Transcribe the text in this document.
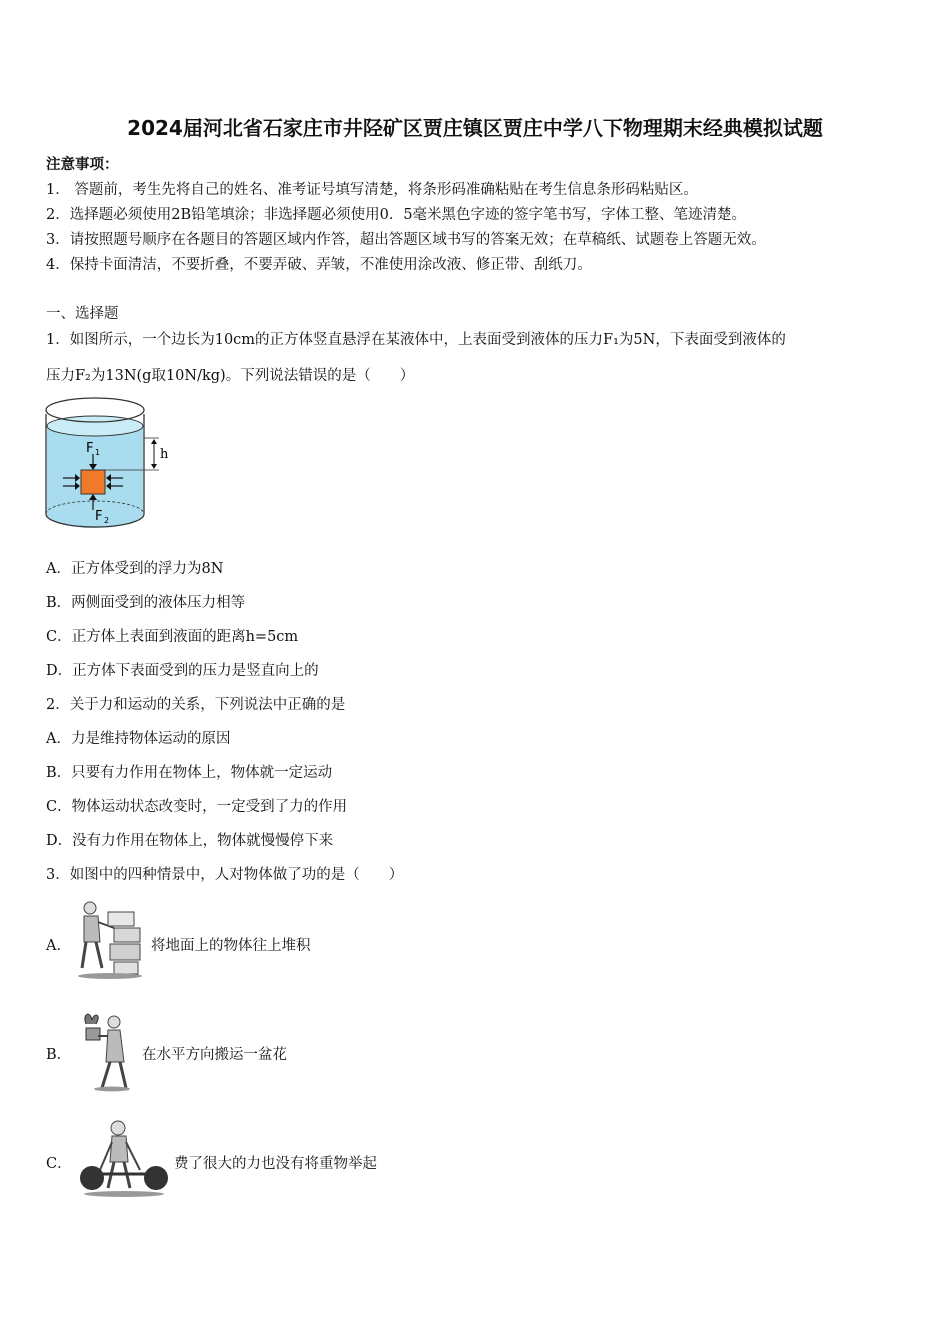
2024届河北省石家庄市井陉矿区贾庄镇区贾庄中学八下物理期末经典模拟试题
注意事项：
1． 答题前，考生先将自己的姓名、准考证号填写清楚，将条形码准确粘贴在考生信息条形码粘贴区。
2．选择题必须使用2B铅笔填涂；非选择题必须使用0．5毫米黑色字迹的签字笔书写，字体工整、笔迹清楚。
3．请按照题号顺序在各题目的答题区域内作答，超出答题区域书写的答案无效；在草稿纸、试题卷上答题无效。
4．保持卡面清洁，不要折叠，不要弄破、弄皱，不准使用涂改液、修正带、刮纸刀。
一、选择题
1．如图所示，一个边长为10cm的正方体竖直悬浮在某液体中，上表面受到液体的压力F₁为5N，下表面受到液体的
压力F₂为13N(g取10N/kg)。下列说法错误的是（　　）
F 1
F 2
h
A．正方体受到的浮力为8N
B．两侧面受到的液体压力相等
C．正方体上表面到液面的距离h=5cm
D．正方体下表面受到的压力是竖直向上的
2．关于力和运动的关系，下列说法中正确的是
A．力是维持物体运动的原因
B．只要有力作用在物体上，物体就一定运动
C．物体运动状态改变时，一定受到了力的作用
D．没有力作用在物体上，物体就慢慢停下来
3．如图中的四种情景中，人对物体做了功的是（　　）
A．	将地面上的物体往上堆积
B．	在水平方向搬运一盆花
C．	费了很大的力也没有将重物举起
